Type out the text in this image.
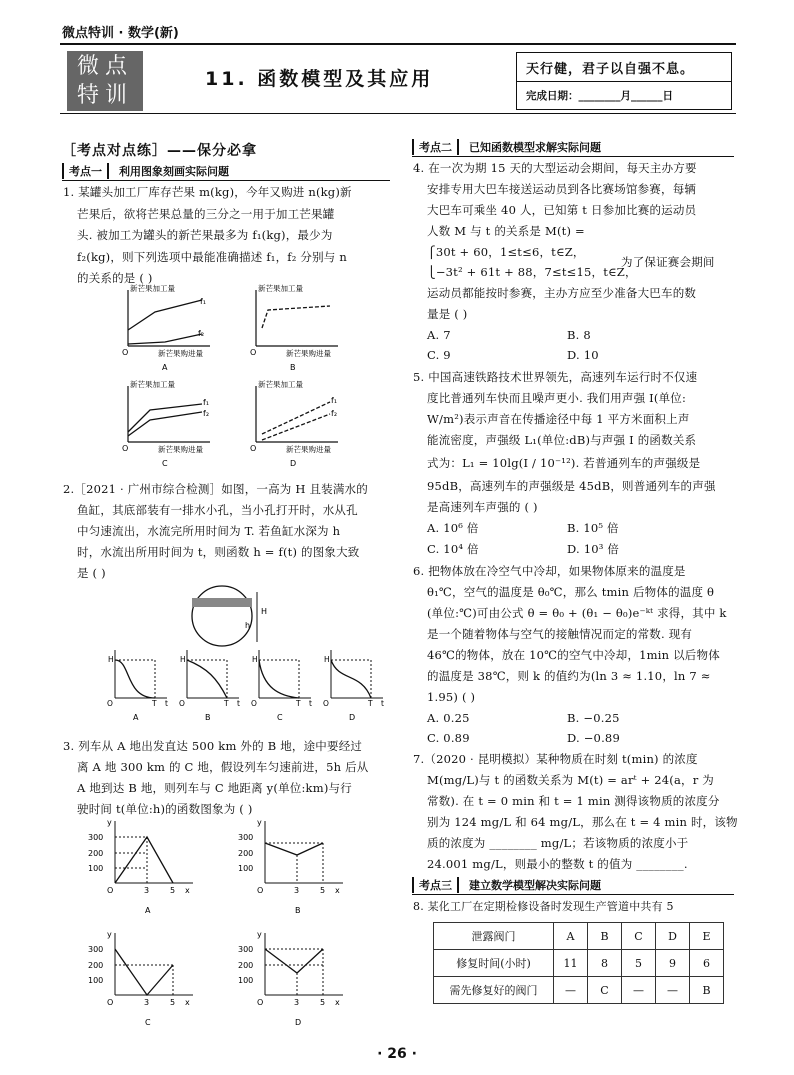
微点特训 · 数学(新)
微点
特训
11. 函数模型及其应用	天行健，君子以自强不息。
完成日期：________月______日
［考点对点练］——保分必拿
考点一 利用图象刻画实际问题
1. 某罐头加工厂库存芒果 m(kg)，今年又购进 n(kg)新
芒果后，欲将芒果总量的三分之一用于加工芒果罐
头. 被加工为罐头的新芒果最多为 f₁(kg)，最少为
f₂(kg)，则下列选项中最能准确描述 f₁，f₂ 分别与 n
的关系的是 ( )
新芒果加工量
f₁
f₂
O	新芒果购进量
A
新芒果加工量
O	新芒果购进量
B
新芒果加工量
f₁
f₂
O	新芒果购进量
C
新芒果加工量
f₁
f₂
O	新芒果购进量
D
2.［2021 · 广州市综合检测］如图，一高为 H 且装满水的
鱼缸，其底部装有一排水小孔，当小孔打开时，水从孔
中匀速流出，水流完所用时间为 T. 若鱼缸水深为 h
时，水流出所用时间为 t，则函数 h = f(t) 的图象大致
是 ( )
H
h
H
O	T t
A
H
O	T t
B
H
O	T t
C
H
O	T t
D
3. 列车从 A 地出发直达 500 km 外的 B 地，途中要经过
离 A 地 300 km 的 C 地，假设列车匀速前进，5h 后从
A 地到达 B 地，则列车与 C 地距离 y(单位:km)与行
驶时间 t(单位:h)的函数图象为 ( )
y
300
200
100
O	3	5 x
A
y
300
200
100
O	3	5 x
B
y
300
200
100
O	3	5 x
C
y
300
200
100
O	3	5 x
D
考点二 已知函数模型求解实际问题
4. 在一次为期 15 天的大型运动会期间，每天主办方要
安排专用大巴车接送运动员到各比赛场馆参赛，每辆
大巴车可乘坐 40 人，已知第 t 日参加比赛的运动员
人数 M 与 t 的关系是 M(t) =
⎧30t + 60，1≤t≤6，t∈Z，
⎩−3t² + 61t + 88，7≤t≤15，t∈Z，
为了保证赛会期间
运动员都能按时参赛，主办方应至少准备大巴车的数
量是 ( )
A. 7	B. 8
C. 9	D. 10
5. 中国高速铁路技术世界领先，高速列车运行时不仅速
度比普通列车快而且噪声更小. 我们用声强 I(单位:
W/m²)表示声音在传播途径中每 1 平方米面积上声
能流密度，声强级 L₁(单位:dB)与声强 I 的函数关系
式为：L₁ = 10lg(I / 10⁻¹²). 若普通列车的声强级是
95dB，高速列车的声强级是 45dB，则普通列车的声强
是高速列车声强的 ( )
A. 10⁶ 倍	B. 10⁵ 倍
C. 10⁴ 倍	D. 10³ 倍
6. 把物体放在冷空气中冷却，如果物体原来的温度是
θ₁℃，空气的温度是 θ₀℃，那么 tmin 后物体的温度 θ
(单位:℃)可由公式 θ = θ₀ + (θ₁ − θ₀)e⁻ᵏᵗ 求得，其中 k
是一个随着物体与空气的接触情况而定的常数. 现有
46℃的物体，放在 10℃的空气中冷却，1min 以后物体
的温度是 38℃，则 k 的值约为(ln 3 ≈ 1.10，ln 7 ≈
1.95) ( )
A. 0.25	B. −0.25
C. 0.89	D. −0.89
7.（2020 · 昆明模拟）某种物质在时刻 t(min) 的浓度
M(mg/L)与 t 的函数关系为 M(t) = arᵗ + 24(a，r 为
常数). 在 t = 0 min 和 t = 1 min 测得该物质的浓度分
别为 124 mg/L 和 64 mg/L，那么在 t = 4 min 时，该物
质的浓度为 ________ mg/L；若该物质的浓度小于
24.001 mg/L，则最小的整数 t 的值为 ________.
考点三 建立数学模型解决实际问题
8. 某化工厂在定期检修设备时发现生产管道中共有 5
泄露阀门	A	B	C	D	E
修复时间(小时)	11	8	5	9	6
需先修复好的阀门	—	C	—	—	B
· 26 ·
